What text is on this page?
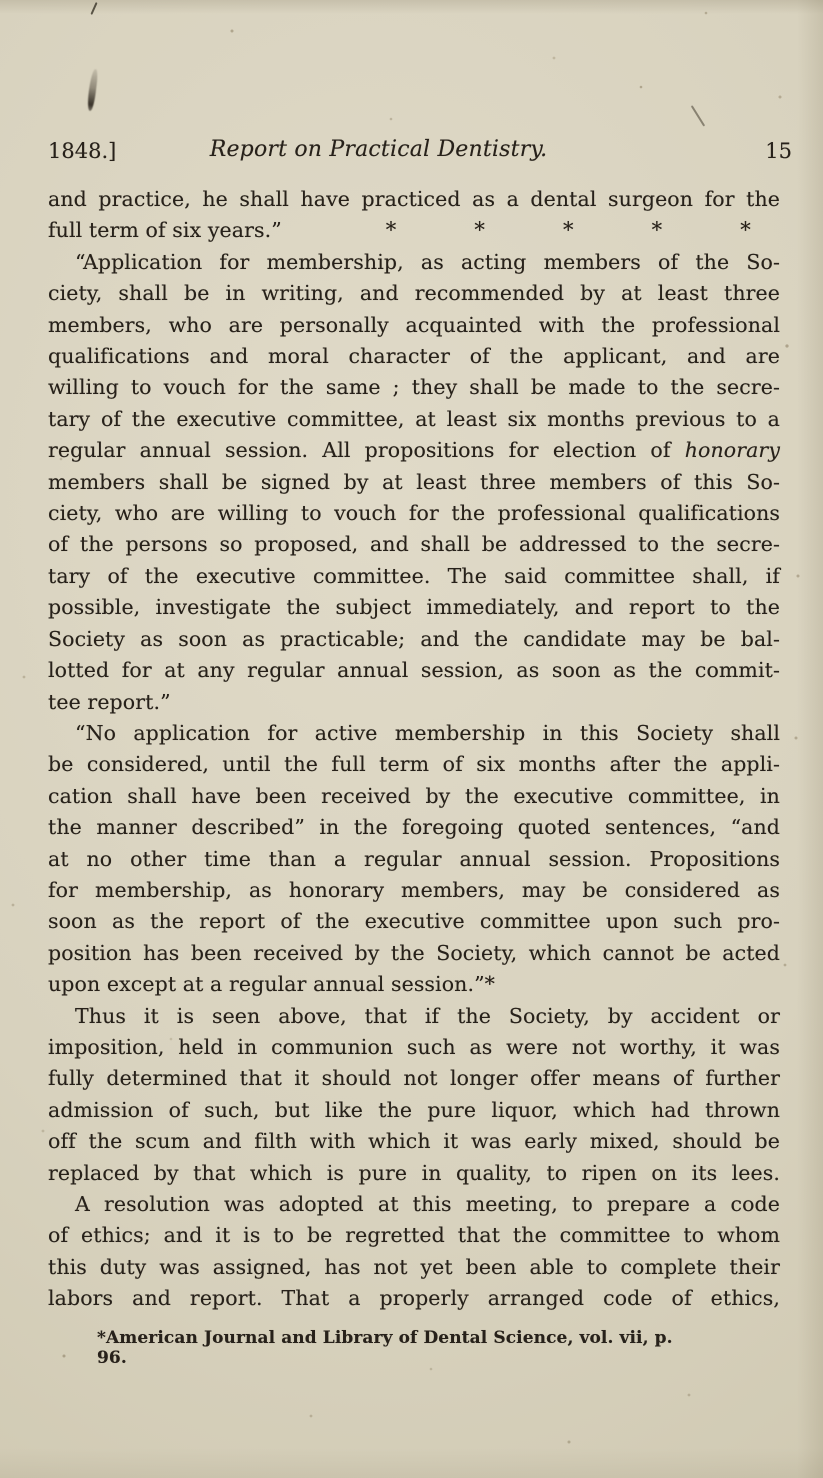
Report on Practical Dentistry.
1848.]	15
and practice, he shall have practiced as a dental surgeon for the
full term of six years.”	*	*	*	*	*
“Application for membership, as acting members of the So-
ciety, shall be in writing, and recommended by at least three
members, who are personally acquainted with the professional
qualifications and moral character of the applicant, and are
willing to vouch for the same ; they shall be made to the secre-
tary of the executive committee, at least six months previous to a
regular annual session. All propositions for election of honorary
members shall be signed by at least three members of this So-
ciety, who are willing to vouch for the professional qualifications
of the persons so proposed, and shall be addressed to the secre-
tary of the executive committee. The said committee shall, if
possible, investigate the subject immediately, and report to the
Society as soon as practicable; and the candidate may be bal-
lotted for at any regular annual session, as soon as the commit-
tee report.”
“No application for active membership in this Society shall
be considered, until the full term of six months after the appli-
cation shall have been received by the executive committee, in
the manner described” in the foregoing quoted sentences, “and
at no other time than a regular annual session. Propositions
for membership, as honorary members, may be considered as
soon as the report of the executive committee upon such pro-
position has been received by the Society, which cannot be acted
upon except at a regular annual session.”*
Thus it is seen above, that if the Society, by accident or
imposition, held in communion such as were not worthy, it was
fully determined that it should not longer offer means of further
admission of such, but like the pure liquor, which had thrown
off the scum and filth with which it was early mixed, should be
replaced by that which is pure in quality, to ripen on its lees.
A resolution was adopted at this meeting, to prepare a code
of ethics; and it is to be regretted that the committee to whom
this duty was assigned, has not yet been able to complete their
labors and report. That a properly arranged code of ethics,
*American Journal and Library of Dental Science, vol. vii, p. 96.
